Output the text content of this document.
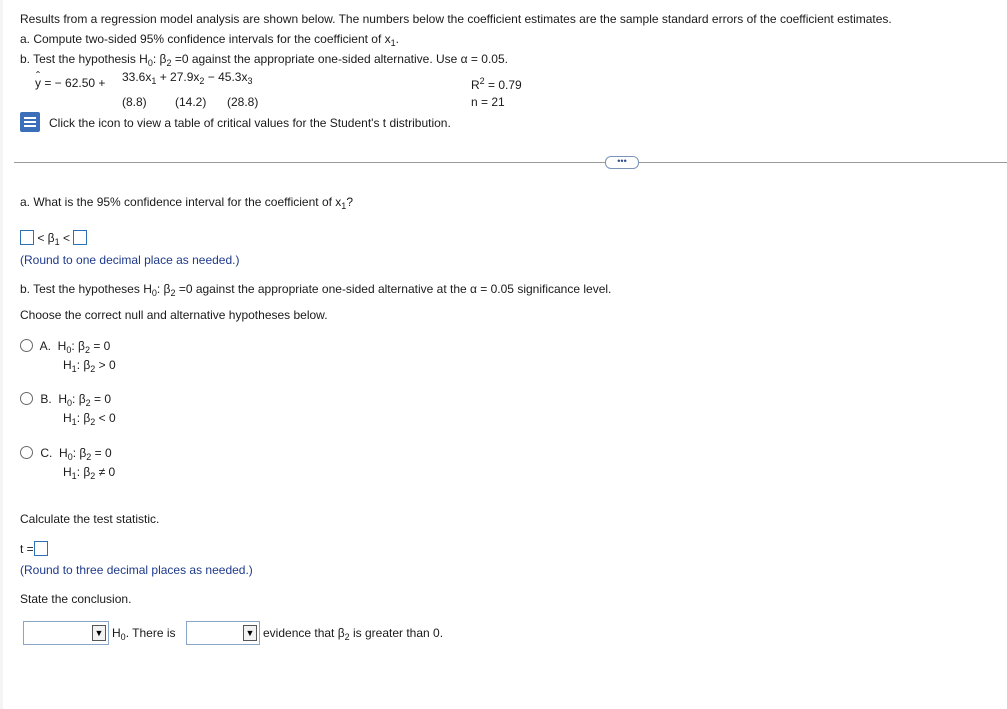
Results from a regression model analysis are shown below. The numbers below the coefficient estimates are the sample standard errors of the coefficient estimates.
a. Compute two-sided 95% confidence intervals for the coefficient of $x_1$.
b. Test the hypothesis $H_0$: $\beta_2 =0$ against the appropriate one-sided alternative. Use α = 0.05.
ˆ y = − $62.50 + 33.6x_1 + 27.9x_2 - 45.3x_3$
(8.8) (14.2) (28.8)
$R^2 = 0.79$
n = 21
Click the icon to view a table of critical values for the Student's t distribution.
•••
a. What is the 95% confidence interval for the coefficient of $x_1$?
< $\beta_1$ <
(Round to one decimal place as needed.)
b. Test the hypotheses $H_0$: $\beta_2 =0$ against the appropriate one-sided alternative at the α = 0.05 significance level.
Choose the correct null and alternative hypotheses below.
A.  $H_0$: $\beta_2 = 0$
$H_1$: $\beta_2 > 0$
B.  $H_0$: $\beta_2 = 0$
$H_1$: $\beta_2 < 0$
C.  $H_0$: $\beta_2 = 0$
$H_1$: $\beta_2 \ne 0$
Calculate the test statistic.
t =
(Round to three decimal places as needed.)
State the conclusion.
▼ $H_0$. There is	▼ evidence that $\beta_2$ is greater than 0.
